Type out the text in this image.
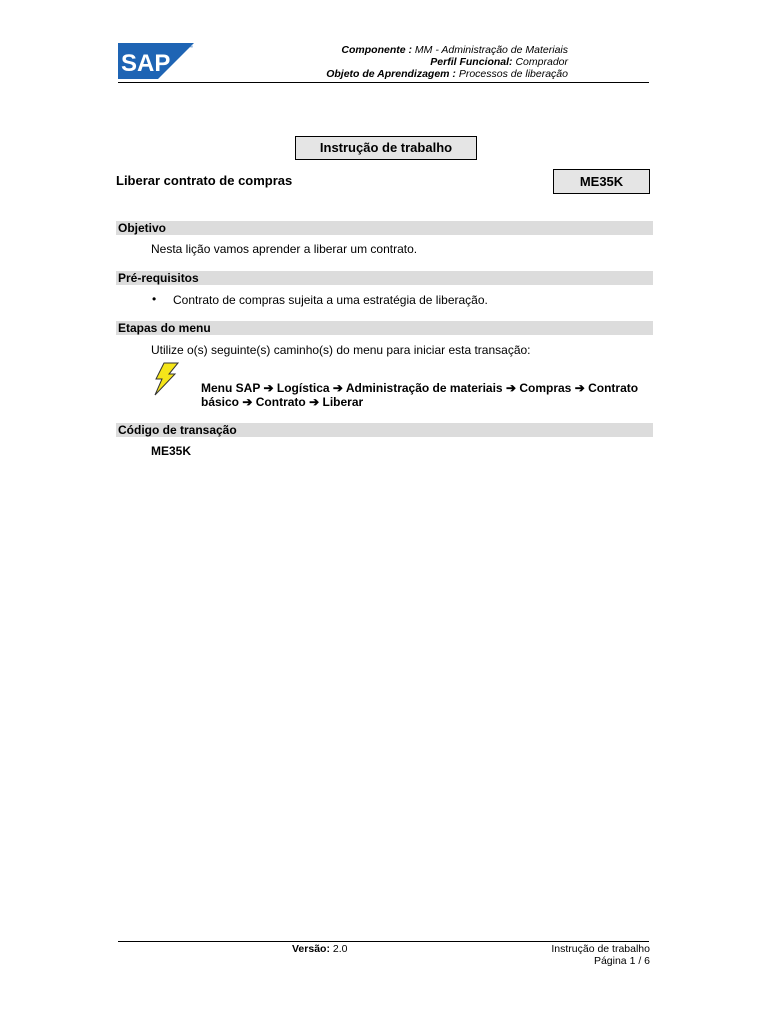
SAP
™	Componente : MM - Administração de Materiais
Perfil Funcional: Comprador
Objeto de Aprendizagem : Processos de liberação
Instrução de trabalho
Liberar contrato de compras	ME35K
Objetivo
Nesta lição vamos aprender a liberar um contrato.
Pré-requisitos
• Contrato de compras sujeita a uma estratégia de liberação.
Etapas do menu
Utilize o(s) seguinte(s) caminho(s) do menu para iniciar esta transação:
Menu SAP ➔ Logística ➔ Administração de materiais ➔ Compras ➔ Contrato básico ➔ Contrato ➔ Liberar
Código de transação
ME35K
Versão: 2.0	Instrução de trabalho
Página 1 / 6
